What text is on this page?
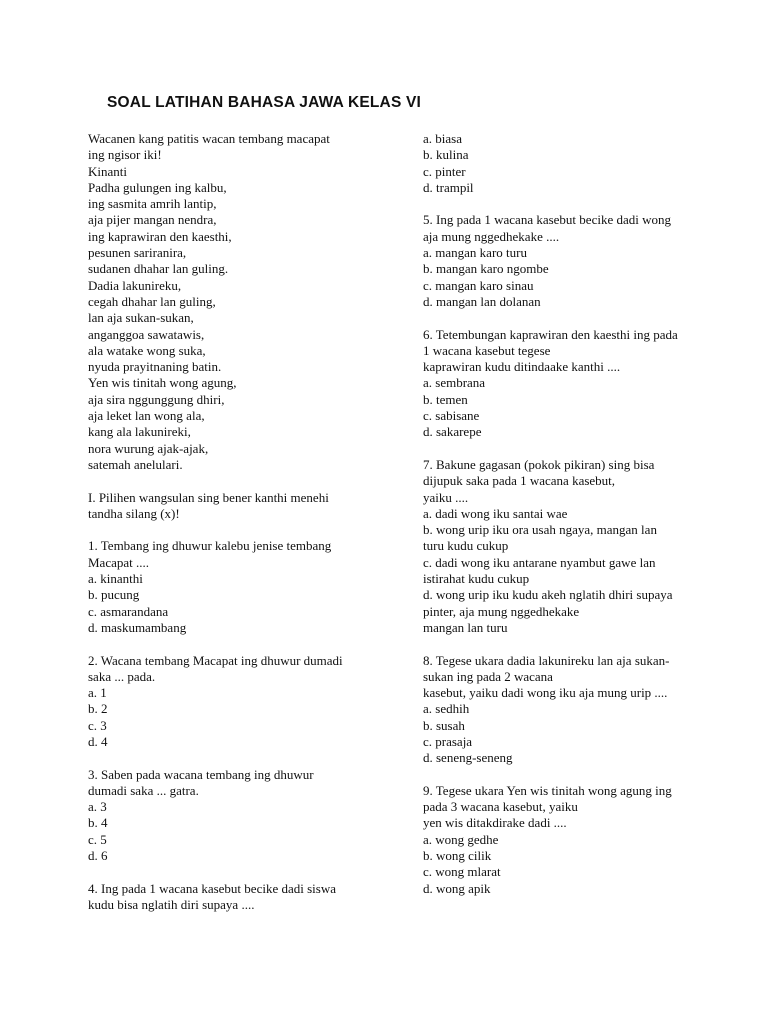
SOAL LATIHAN BAHASA JAWA KELAS VI
Wacanen kang patitis wacan tembang macapat
ing ngisor iki!
Kinanti
Padha gulungen ing kalbu,
ing sasmita amrih lantip,
aja pijer mangan nendra,
ing kaprawiran den kaesthi,
pesunen sariranira,
sudanen dhahar lan guling.
Dadia lakunireku,
cegah dhahar lan guling,
lan aja sukan-sukan,
anganggoa sawatawis,
ala watake wong suka,
nyuda prayitnaning batin.
Yen wis tinitah wong agung,
aja sira nggunggung dhiri,
aja leket lan wong ala,
kang ala lakunireki,
nora wurung ajak-ajak,
satemah anelulari.
I. Pilihen wangsulan sing bener kanthi menehi
tandha silang (x)!
1. Tembang ing dhuwur kalebu jenise tembang
Macapat ....
a. kinanthi
b. pucung
c. asmarandana
d. maskumambang
2. Wacana tembang Macapat ing dhuwur dumadi
saka ... pada.
a. 1
b. 2
c. 3
d. 4
3. Saben pada wacana tembang ing dhuwur
dumadi saka ... gatra.
a. 3
b. 4
c. 5
d. 6
4. Ing pada 1 wacana kasebut becike dadi siswa
kudu bisa nglatih diri supaya ....
a. biasa
b. kulina
c. pinter
d. trampil
5. Ing pada 1 wacana kasebut becike dadi wong
aja mung nggedhekake ....
a. mangan karo turu
b. mangan karo ngombe
c. mangan karo sinau
d. mangan lan dolanan
6. Tetembungan kaprawiran den kaesthi ing pada
1 wacana kasebut tegese
kaprawiran kudu ditindaake kanthi ....
a. sembrana
b. temen
c. sabisane
d. sakarepe
7. Bakune gagasan (pokok pikiran) sing bisa
dijupuk saka pada 1 wacana kasebut,
yaiku ....
a. dadi wong iku santai wae
b. wong urip iku ora usah ngaya, mangan lan
turu kudu cukup
c. dadi wong iku antarane nyambut gawe lan
istirahat kudu cukup
d. wong urip iku kudu akeh nglatih dhiri supaya
pinter, aja mung nggedhekake
mangan lan turu
8. Tegese ukara dadia lakunireku lan aja sukan-
sukan ing pada 2 wacana
kasebut, yaiku dadi wong iku aja mung urip ....
a. sedhih
b. susah
c. prasaja
d. seneng-seneng
9. Tegese ukara Yen wis tinitah wong agung ing
pada 3 wacana kasebut, yaiku
yen wis ditakdirake dadi ....
a. wong gedhe
b. wong cilik
c. wong mlarat
d. wong apik
